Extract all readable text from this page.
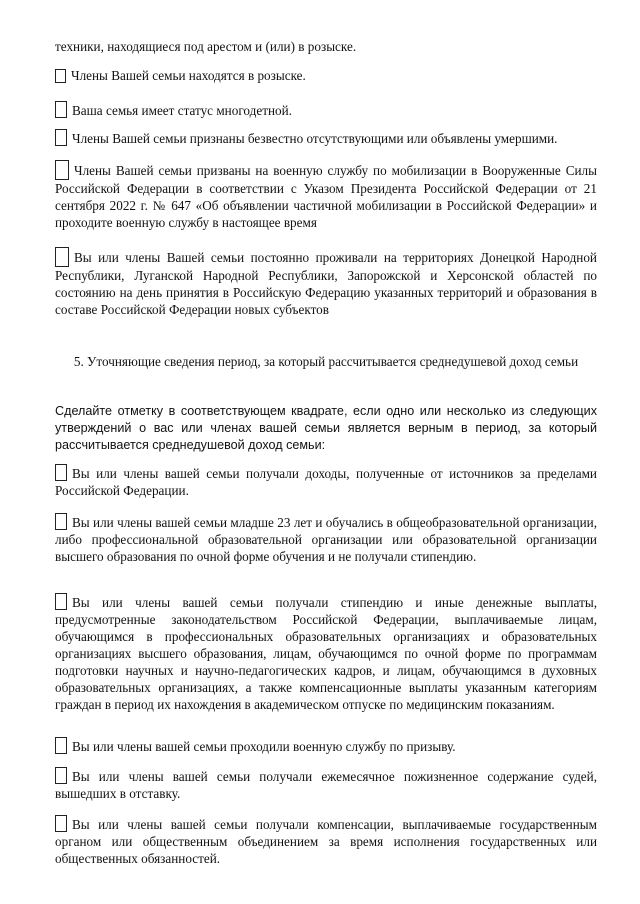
техники, находящиеся под арестом и (или) в розыске.

Члены Вашей семьи находятся в розыске.

Ваша семья имеет статус многодетной.

Члены Вашей семьи признаны безвестно отсутствующими или объявлены умершими.

Члены Вашей семьи призваны на военную службу по мобилизации в Вооруженные Силы Российской Федерации в соответствии с Указом Президента Российской Федерации от 21 сентября 2022 г. № 647 «Об объявлении частичной мобилизации в Российской Федерации» и проходите военную службу в настоящее время

Вы или члены Вашей семьи постоянно проживали на территориях Донецкой Народной Республики, Луганской Народной Республики, Запорожской и Херсонской областей по состоянию на день принятия в Российскую Федерацию указанных территорий и образования в составе Российской Федерации новых субъектов

5. Уточняющие сведения период, за который рассчитывается среднедушевой доход семьи

Сделайте отметку в соответствующем квадрате, если одно или несколько из следующих утверждений о вас или членах вашей семьи является верным в период, за который рассчитывается среднедушевой доход семьи:

Вы или члены вашей семьи получали доходы, полученные от источников за пределами Российской Федерации.

Вы или члены вашей семьи младше 23 лет и обучались в общеобразовательной организации, либо профессиональной образовательной организации или образовательной организации высшего образования по очной форме обучения и не получали стипендию.

Вы или члены вашей семьи получали стипендию и иные денежные выплаты, предусмотренные законодательством Российской Федерации, выплачиваемые лицам, обучающимся в профессиональных образовательных организациях и образовательных организациях высшего образования, лицам, обучающимся по очной форме по программам подготовки научных и научно-педагогических кадров, и лицам, обучающимся в духовных образовательных организациях, а также компенсационные выплаты указанным категориям граждан в период их нахождения в академическом отпуске по медицинским показаниям.

Вы или члены вашей семьи проходили военную службу по призыву.

Вы или члены вашей семьи получали ежемесячное пожизненное содержание судей, вышедших в отставку.

Вы или члены вашей семьи получали компенсации, выплачиваемые государственным органом или общественным объединением за время исполнения государственных или общественных обязанностей.
